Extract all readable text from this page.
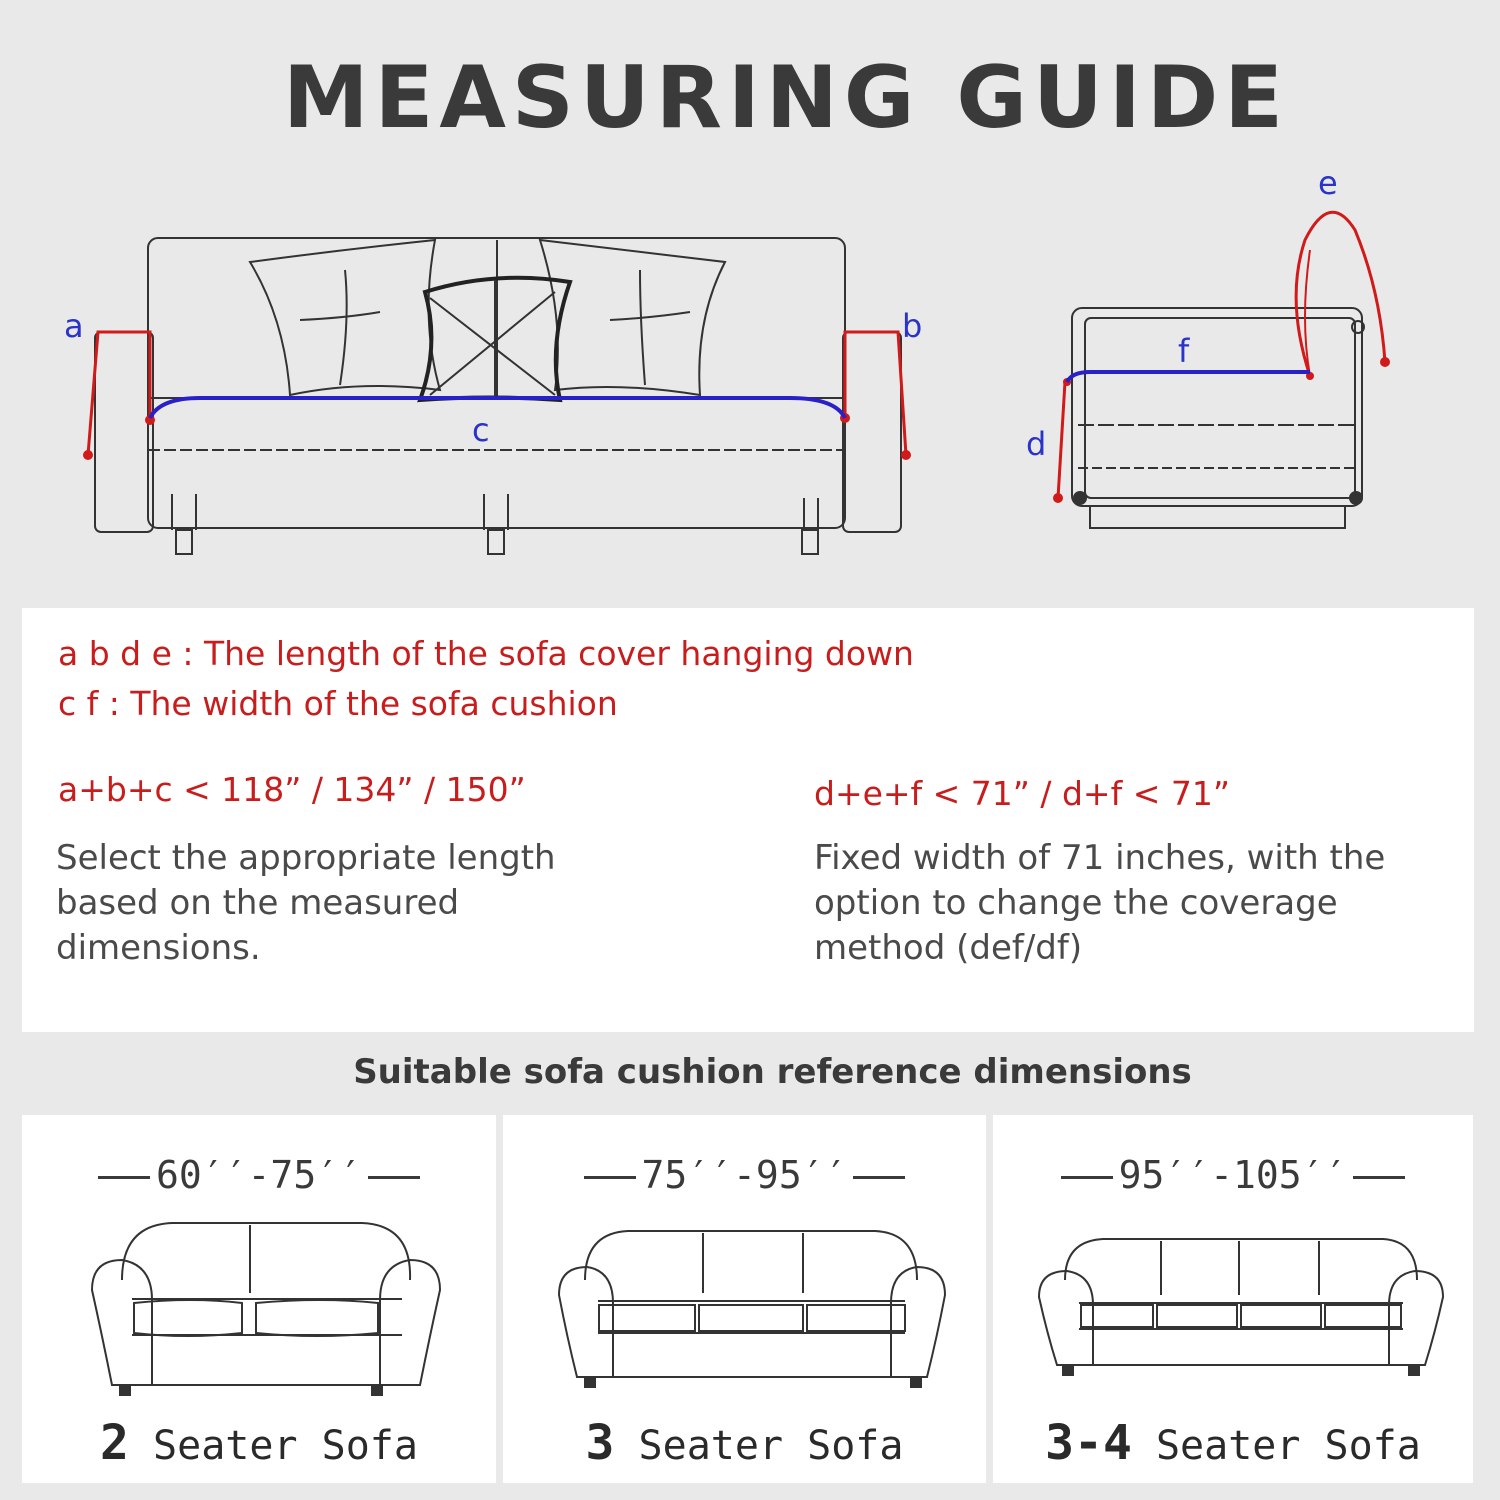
MEASURING GUIDE
a	b
c	d
e
f
a b d e : The length of the sofa cover hanging down
c f : The width of the sofa cushion
a+b+c < 118” / 134” / 150”
Select the appropriate length based on the measured dimensions.
d+e+f < 71” / d+f < 71”
Fixed width of 71 inches, with the option to change the coverage method (def/df)
Suitable sofa cushion reference dimensions
60′′-75′′
2 Seater Sofa
75′′-95′′
3 Seater Sofa
95′′-105′′
3-4 Seater Sofa
